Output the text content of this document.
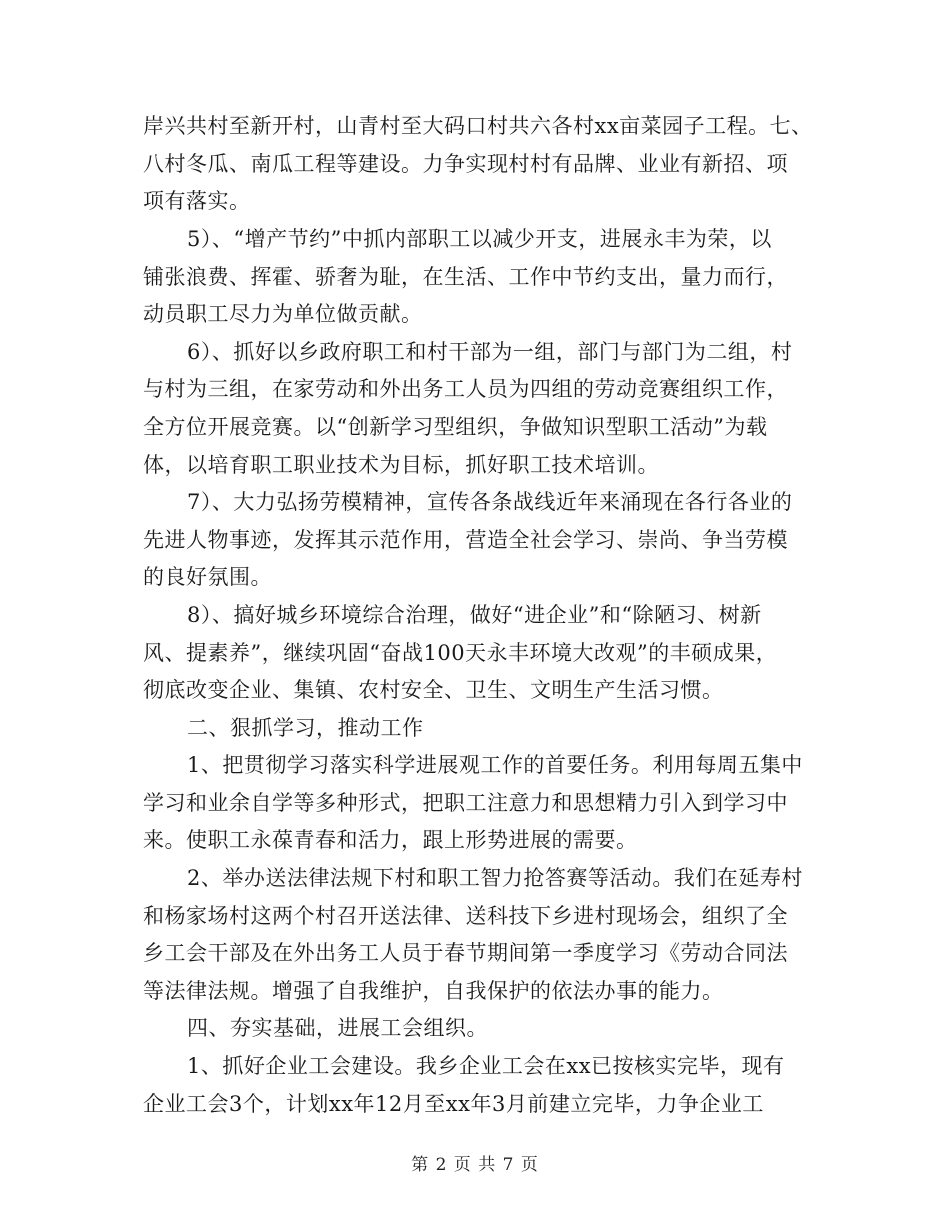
岸兴共村至新开村，山青村至大码口村共六各村xx亩菜园子工程。七、
八村冬瓜、南瓜工程等建设。力争实现村村有品牌、业业有新招、项
项有落实。
5）、“增产节约”中抓内部职工以减少开支，进展永丰为荣，以
铺张浪费、挥霍、骄奢为耻，在生活、工作中节约支出，量力而行，
动员职工尽力为单位做贡献。
6）、抓好以乡政府职工和村干部为一组，部门与部门为二组，村
与村为三组，在家劳动和外出务工人员为四组的劳动竞赛组织工作，
全方位开展竞赛。以“创新学习型组织，争做知识型职工活动”为载
体，以培育职工职业技术为目标，抓好职工技术培训。
7）、大力弘扬劳模精神，宣传各条战线近年来涌现在各行各业的
先进人物事迹，发挥其示范作用，营造全社会学习、崇尚、争当劳模
的良好氛围。
8）、搞好城乡环境综合治理，做好“进企业”和“除陋习、树新
风、提素养”，继续巩固“奋战100天永丰环境大改观”的丰硕成果，
彻底改变企业、集镇、农村安全、卫生、文明生产生活习惯。
二、狠抓学习，推动工作
1、把贯彻学习落实科学进展观工作的首要任务。利用每周五集中
学习和业余自学等多种形式，把职工注意力和思想精力引入到学习中
来。使职工永葆青春和活力，跟上形势进展的需要。
2、举办送法律法规下村和职工智力抢答赛等活动。我们在延寿村
和杨家场村这两个村召开送法律、送科技下乡进村现场会，组织了全
乡工会干部及在外出务工人员于春节期间第一季度学习《劳动合同法
等法律法规。增强了自我维护，自我保护的依法办事的能力。
四、夯实基础，进展工会组织。
1、抓好企业工会建设。我乡企业工会在xx已按核实完毕，现有
企业工会3个，计划xx年12月至xx年3月前建立完毕，力争企业工
第 2 页 共 7 页
